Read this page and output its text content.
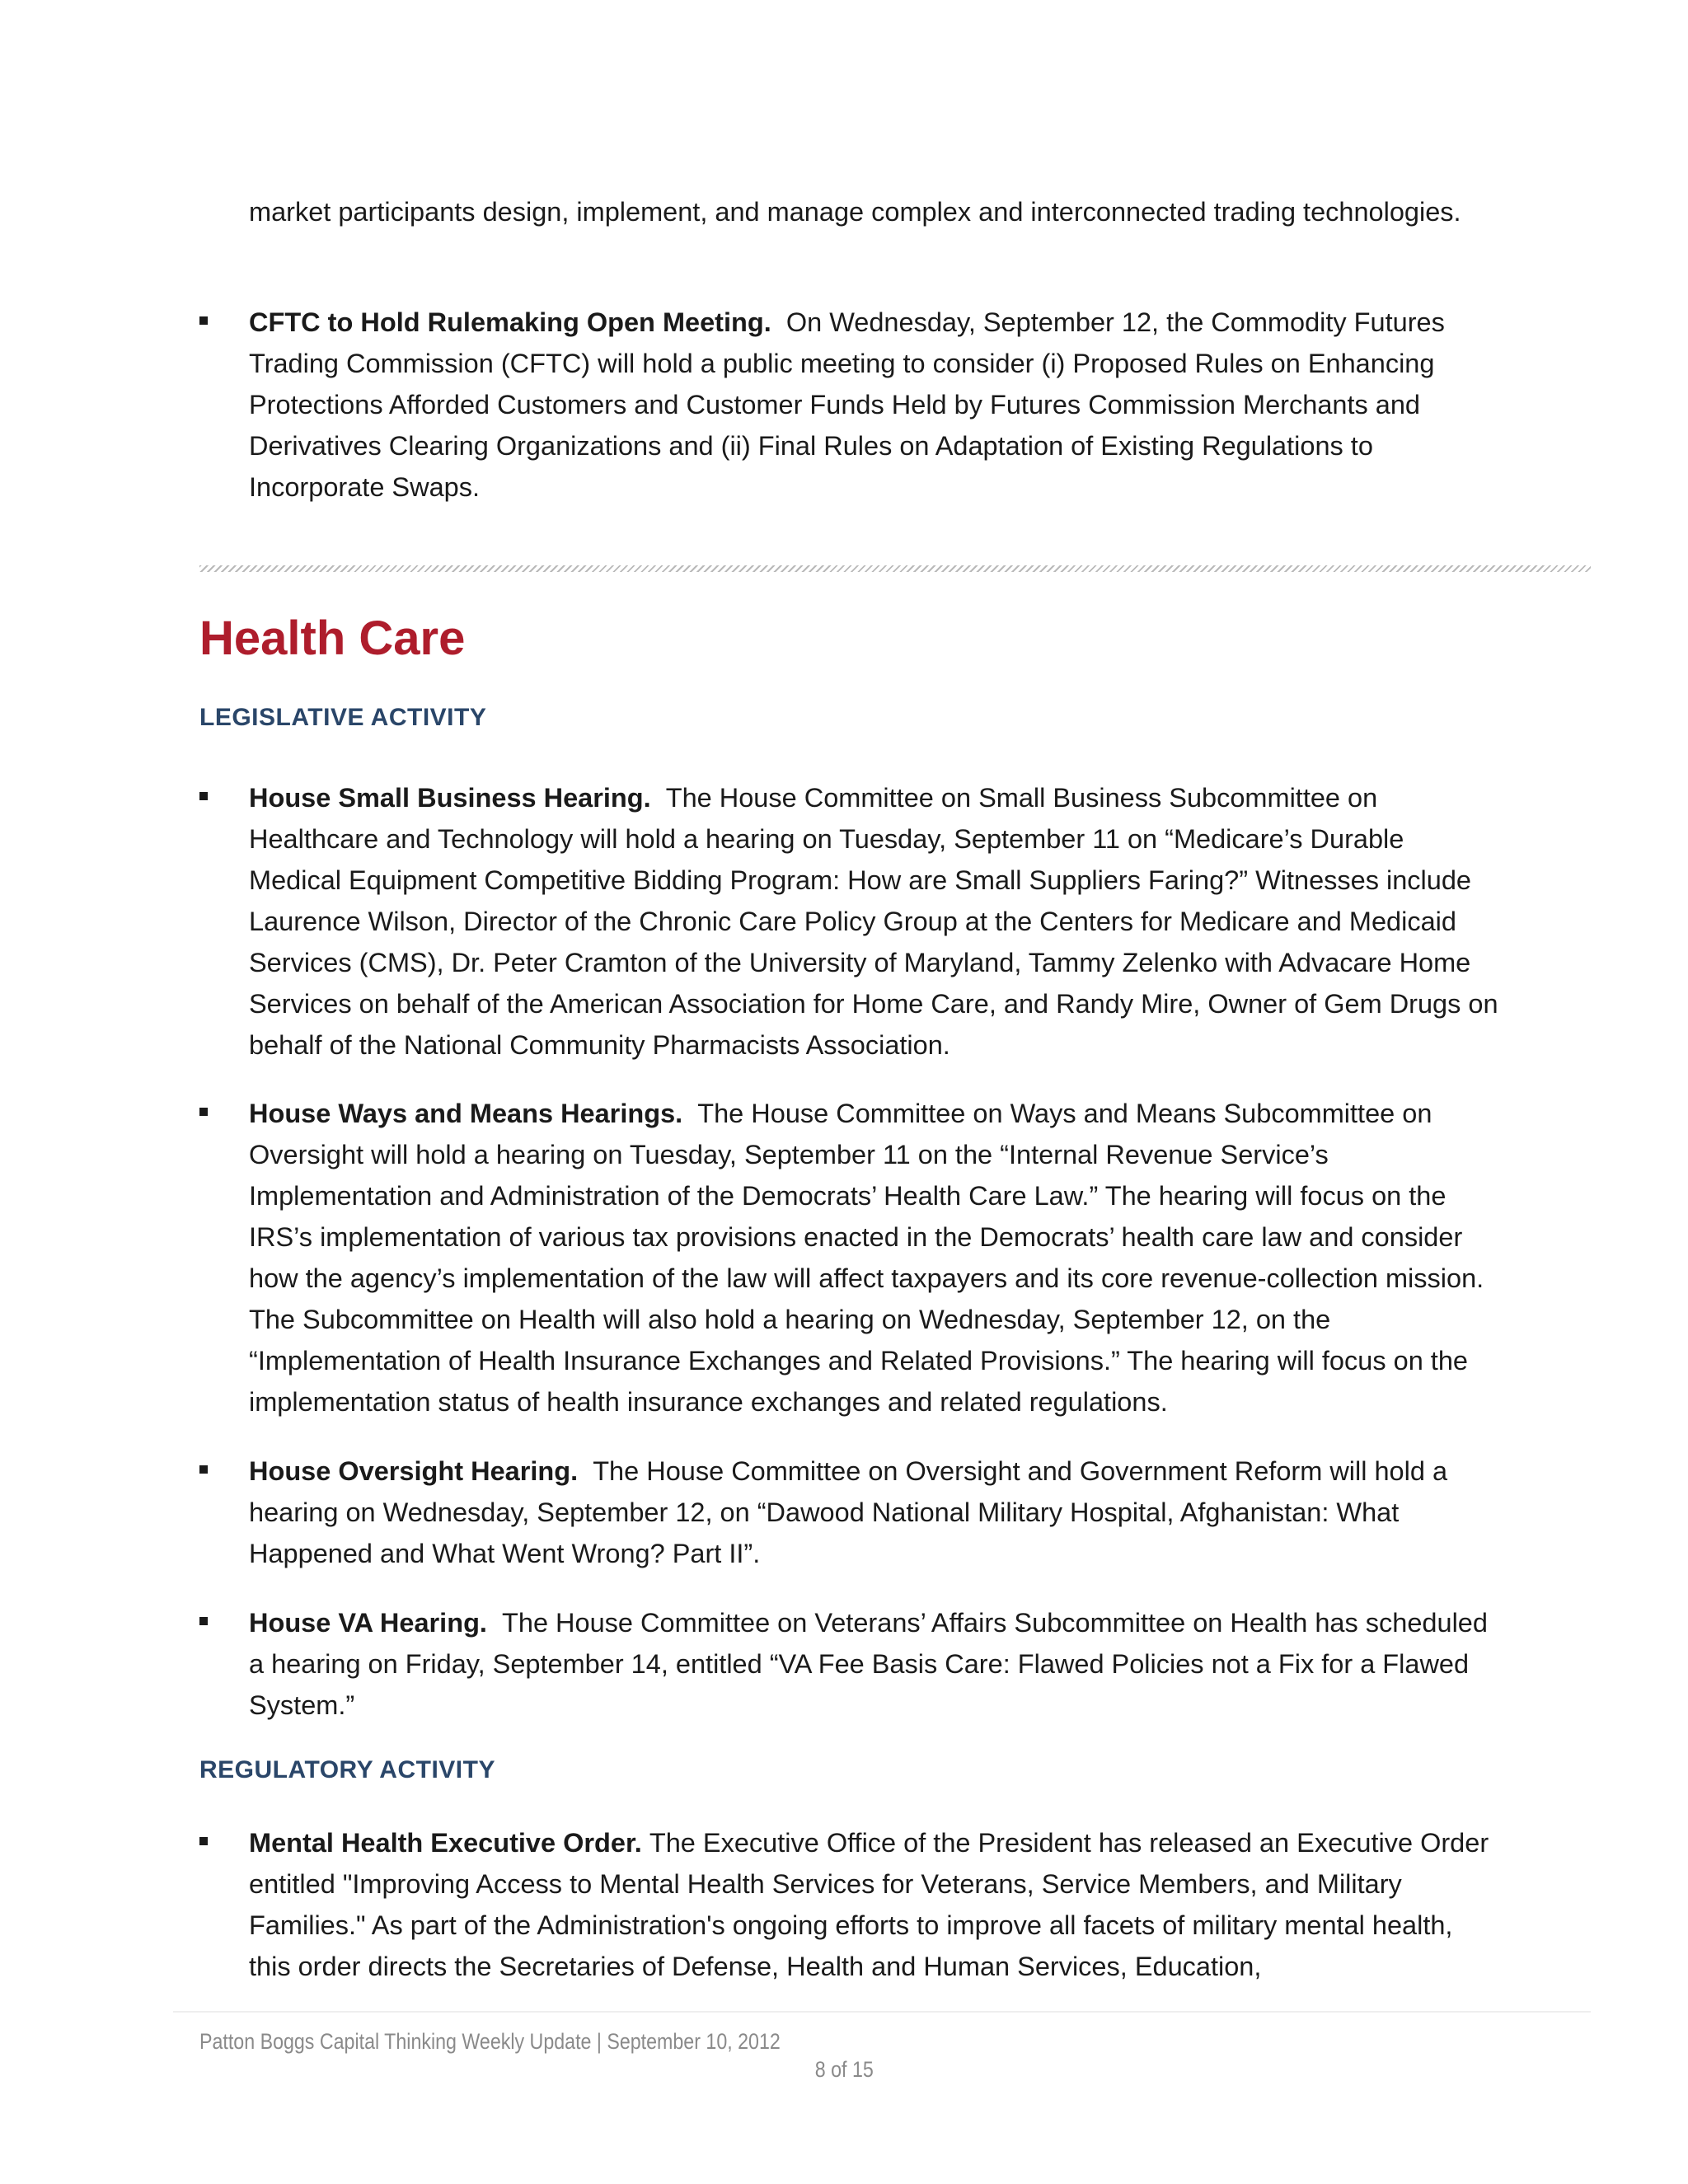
market participants design, implement, and manage complex and interconnected trading technologies.

CFTC to Hold Rulemaking Open Meeting. On Wednesday, September 12, the Commodity Futures Trading Commission (CFTC) will hold a public meeting to consider (i) Proposed Rules on Enhancing Protections Afforded Customers and Customer Funds Held by Futures Commission Merchants and Derivatives Clearing Organizations and (ii) Final Rules on Adaptation of Existing Regulations to Incorporate Swaps.
Health Care
LEGISLATIVE ACTIVITY
House Small Business Hearing. The House Committee on Small Business Subcommittee on Healthcare and Technology will hold a hearing on Tuesday, September 11 on “Medicare’s Durable Medical Equipment Competitive Bidding Program: How are Small Suppliers Faring?” Witnesses include Laurence Wilson, Director of the Chronic Care Policy Group at the Centers for Medicare and Medicaid Services (CMS), Dr. Peter Cramton of the University of Maryland, Tammy Zelenko with Advacare Home Services on behalf of the American Association for Home Care, and Randy Mire, Owner of Gem Drugs on behalf of the National Community Pharmacists Association.
House Ways and Means Hearings. The House Committee on Ways and Means Subcommittee on Oversight will hold a hearing on Tuesday, September 11 on the “Internal Revenue Service’s Implementation and Administration of the Democrats’ Health Care Law.” The hearing will focus on the IRS’s implementation of various tax provisions enacted in the Democrats’ health care law and consider how the agency’s implementation of the law will affect taxpayers and its core revenue-collection mission. The Subcommittee on Health will also hold a hearing on Wednesday, September 12, on the “Implementation of Health Insurance Exchanges and Related Provisions.” The hearing will focus on the implementation status of health insurance exchanges and related regulations.
House Oversight Hearing. The House Committee on Oversight and Government Reform will hold a hearing on Wednesday, September 12, on “Dawood National Military Hospital, Afghanistan: What Happened and What Went Wrong? Part II”.
House VA Hearing. The House Committee on Veterans’ Affairs Subcommittee on Health has scheduled a hearing on Friday, September 14, entitled “VA Fee Basis Care: Flawed Policies not a Fix for a Flawed System.”
REGULATORY ACTIVITY
Mental Health Executive Order. The Executive Office of the President has released an Executive Order entitled "Improving Access to Mental Health Services for Veterans, Service Members, and Military Families." As part of the Administration's ongoing efforts to improve all facets of military mental health, this order directs the Secretaries of Defense, Health and Human Services, Education,
Patton Boggs Capital Thinking Weekly Update | September 10, 2012
8 of 15
